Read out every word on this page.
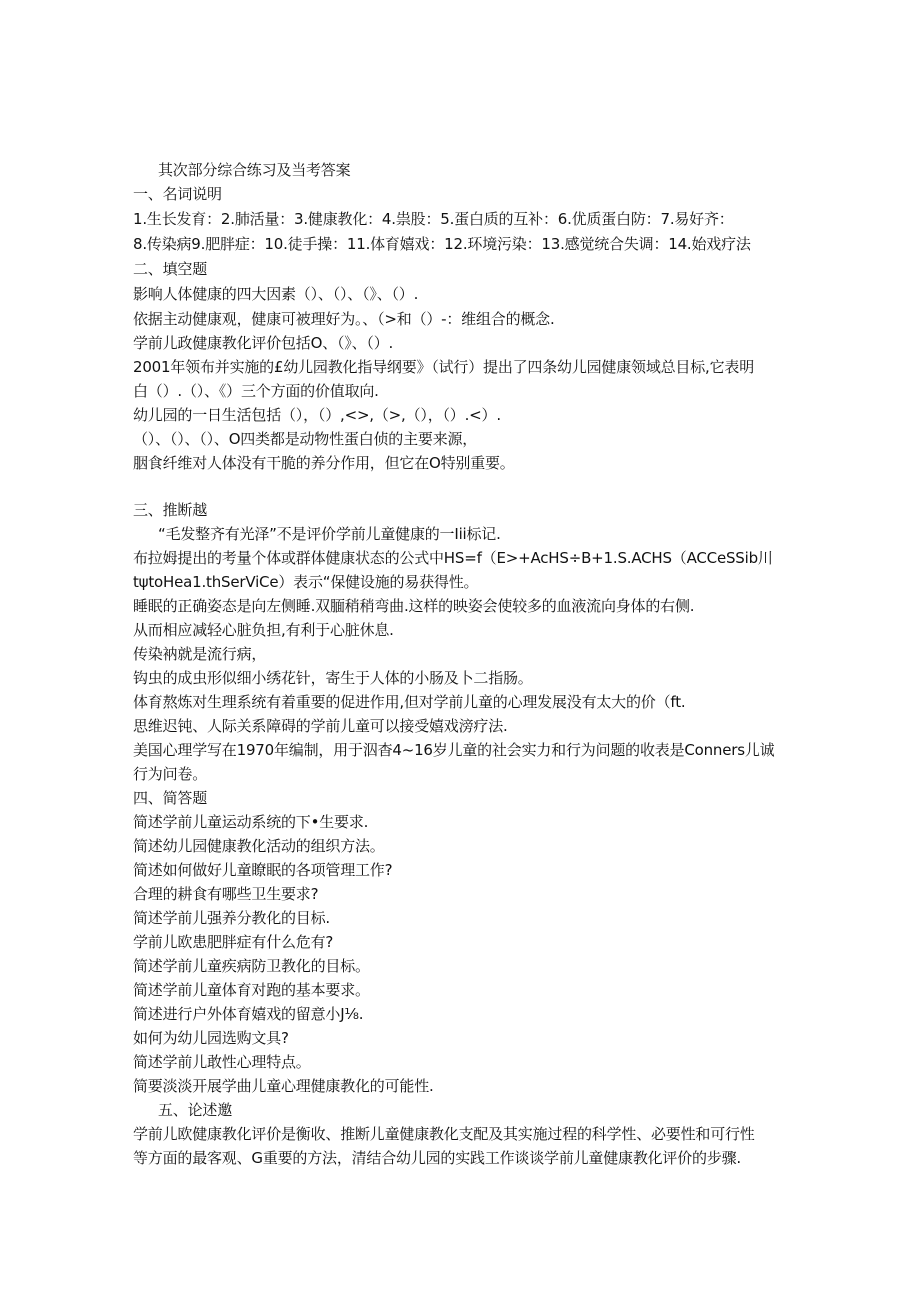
其次部分综合练习及当考答案
一、名词说明
1.生长发育：2.肺活量：3.健康教化：4.祟股：5.蛋白质的互补：6.优质蛋白防：7.易好齐：
8.传染病9.肥胖症：10.徒手操：11.体育嬉戏：12.环境污染：13.感觉统合失调：14.始戏疗法
二、填空题
影响人体健康的四大因素（）、（）、（》、（）.
依据主动健康观，健康可被理好为。、（>和（）-：维组合的概念.
学前儿政健康教化评价包括O、（》、（）.
2001年领布并实施的£幼儿园教化指导纲要》（试行）提出了四条幼儿园健康领域总目标,它表明
白（）.（）、《）三个方面的价值取向.
幼儿园的一日生活包括（），（）,<>,（>,（），（）.<）.
（）、（）、（）、O四类都是动物性蛋白侦的主要来源，
胭食纤维对人体没有干脆的养分作用，但它在O特别重要。
三、推断越
“毛发整齐有光泽”不是评价学前儿童健康的一Iii标记.
布拉姆提出的考量个体或群体健康状态的公式中HS=f（E>+AcHS÷B+1.S.ACHS（ACCeSSib川
tψtoHea1.thSerViCe）表示“保健设施的易获得性。
睡眠的正确姿态是向左侧睡.双腼稍稍弯曲.这样的映姿会使较多的血液流向身体的右侧.
从而相应减轻心脏负担,有利于心脏休息.
传染衲就是流行病，
钩虫的成虫形似细小绣花针，寄生于人体的小肠及卜二指肠。
体育熬炼对生理系统有着重要的促进作用,但对学前儿童的心理发展没有太大的价（ft.
思维迟钝、人际关系障碍的学前儿童可以接受嬉戏滂疗法.
美国心理学写在1970年编制，用于泅杳4~16岁儿童的社会实力和行为问题的收表是Conners儿诚
行为问卷。
四、简答题
简述学前儿童运动系统的下•生要求.
简述幼儿园健康教化活动的组织方法。
简述如何做好儿童瞭眠的各项管理工作?
合理的耕食有哪些卫生要求?
简述学前儿强养分教化的目标.
学前儿欧患肥胖症有什么危有?
简述学前儿童疾病防卫教化的目标。
简述学前儿童体育对跑的基本要求。
简述进行户外体育嬉戏的留意小J⅛.
如何为幼儿园选购文具?
简述学前儿敢性心理特点。
简要淡淡开展学曲儿童心理健康教化的可能性.
五、论述邀
学前儿欧健康教化评价是衡收、推断儿童健康教化支配及其实施过程的科学性、必要性和可行性
等方面的最客观、G重要的方法，清结合幼儿园的实践工作谈谈学前儿童健康教化评价的步骤.
